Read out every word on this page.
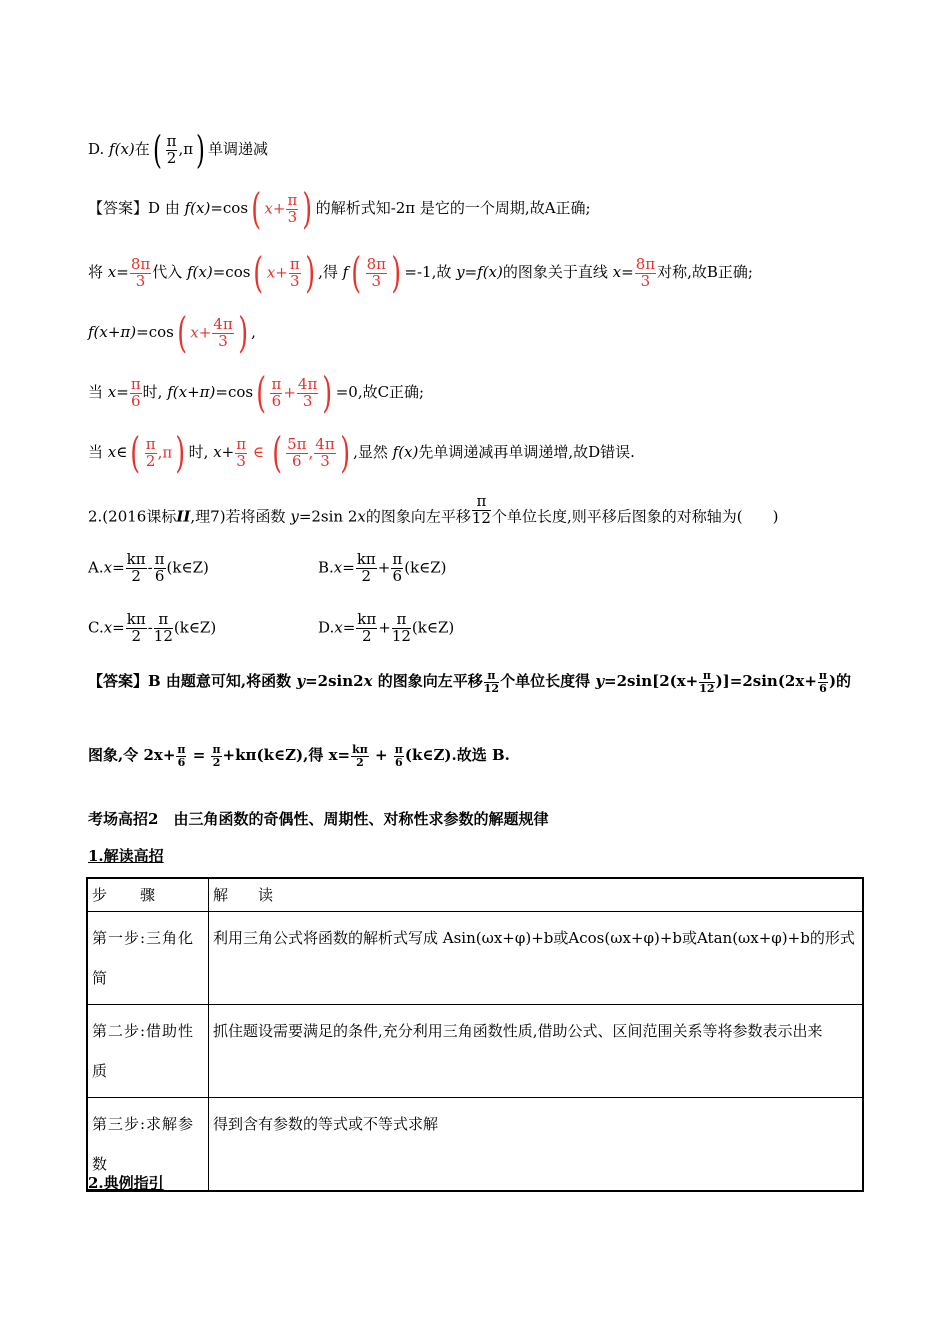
D. f(x)在( $\frac{\pi}{2} ,\pi$) 单调递减
【答案】D 由 f(x)=cos( $x+ \frac{\pi}{3}$ ) 的解析式知-2π 是它的一个周期,故A正确;
将 $x= \frac{8\pi}{3}$ 代入 f(x)=cos( $x+ \frac{\pi}{3}$ ) ,得 $f( \frac{8\pi}{3}$ ) =-1,故 y=f(x)的图象关于直线 $x= \frac{8\pi}{3}$ 对称,故B正确;
f(x+π)=cos( $x+ \frac{4\pi}{3}$ ) ,
当 $x= \frac{\pi}{6}$ 时, $f(x+\pi)=\cos( \frac{\pi}{6} + \frac{4\pi}{3}$ ) =0,故C正确;
当 x∈( $\frac{\pi}{2} ,\pi$) 时, $x+ \frac{\pi}{3}$ ∈ ( $\frac{5\pi}{6}$ , $\frac{4\pi}{3}$ ) ,显然 f(x)先单调递减再单调递增,故D错误.
2.(2016课标II,理7)若将函数 y=2sin 2x的图象向左平移 $\frac{\pi}{12}$ 个单位长度,则平移后图象的对称轴为(　　)
$A.x= \frac{k\pi}{2} - \frac{\pi}{6}$ (k∈Z)	$B.x= \frac{k\pi}{2} + \frac{\pi}{6}$ (k∈Z)
$C.x= \frac{k\pi}{2} - \frac{\pi}{12}$ (k∈Z)	$D.x= \frac{k\pi}{2} + \frac{\pi}{12}$ (k∈Z)
【答案】B 由题意可知,将函数 y=2sin2x 的图象向左平移 $\frac{\pi}{12}$ 个单位长度得 $y=2\sin[2(x+ \frac{\pi}{12} )]=2\sin(2x+ \frac{\pi}{6}$ )的
图象,令 $2x+ \frac{\pi}{6} = \frac{\pi}{2}$ +kπ(k∈Z),得 $x= \frac{k\pi}{2} + \frac{\pi}{6}$ (k∈Z).故选 B.
考场高招2　由三角函数的奇偶性、周期性、对称性求参数的解题规律
1.解读高招
步　　骤	解　　读
第一步:三角化简	利用三角公式将函数的解析式写成 Asin(ωx+φ)+b或Acos(ωx+φ)+b或Atan(ωx+φ)+b的形式
第二步:借助性质	抓住题设需要满足的条件,充分利用三角函数性质,借助公式、区间范围关系等将参数表示出来
第三步:求解参数	得到含有参数的等式或不等式求解
2.典例指引
